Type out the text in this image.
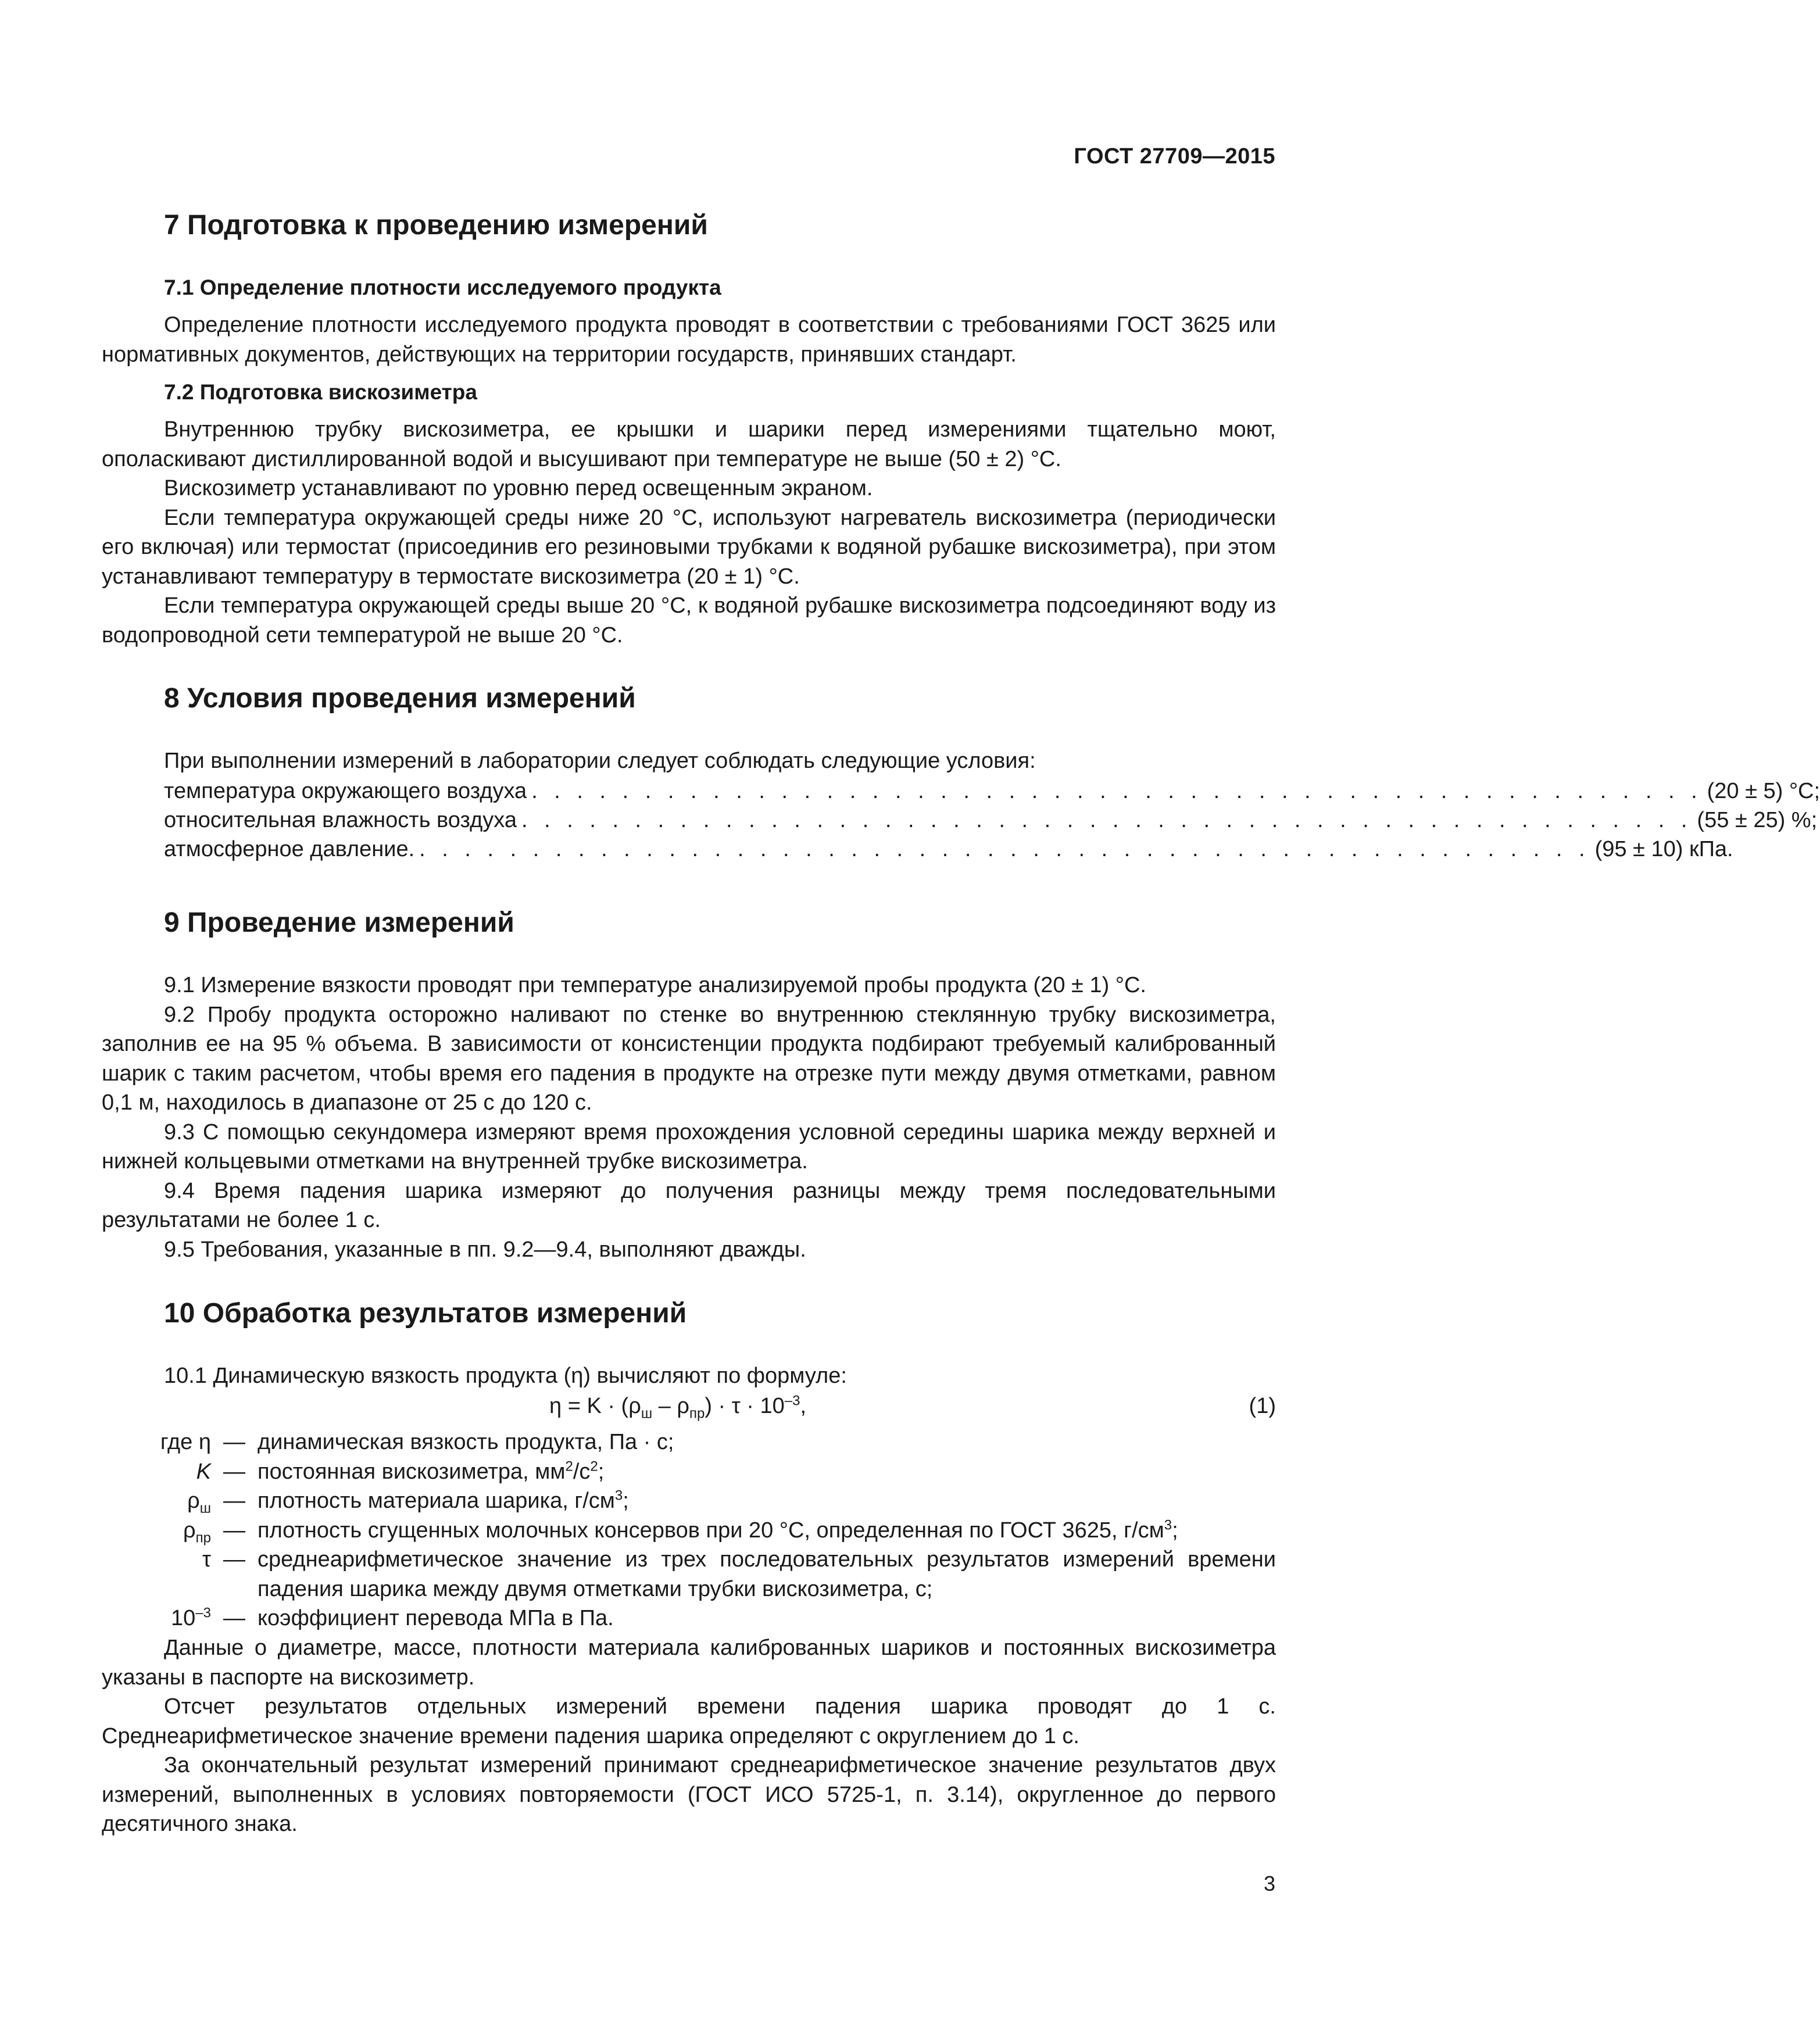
ГОСТ 27709—2015
7 Подготовка к проведению измерений
7.1 Определение плотности исследуемого продукта

Определение плотности исследуемого продукта проводят в соответствии с требованиями ГОСТ 3625 или нормативных документов, действующих на территории государств, принявших стандарт.

7.2 Подготовка вискозиметра

Внутреннюю трубку вискозиметра, ее крышки и шарики перед измерениями тщательно моют, ополаскивают дистиллированной водой и высушивают при температуре не выше (50 ± 2) °С.

Вискозиметр устанавливают по уровню перед освещенным экраном.

Если температура окружающей среды ниже 20 °С, используют нагреватель вискозиметра (периодически его включая) или термостат (присоединив его резиновыми трубками к водяной рубашке вискозиметра), при этом устанавливают температуру в термостате вискозиметра (20 ± 1) °С.

Если температура окружающей среды выше 20 °С, к водяной рубашке вискозиметра подсоединяют воду из водопроводной сети температурой не выше 20 °С.

8 Условия проведения измерений
При выполнении измерений в лаборатории следует соблюдать следующие условия:
температура окружающего воздуха . . . . . . . . . . . . . . . . . . . . . . . . . . . . . . . . . . . . . . . . . . . . . . . . . . . . (20 ± 5) °С;
относительная влажность воздуха . . . . . . . . . . . . . . . . . . . . . . . . . . . . . . . . . . . . . . . . . . . . . . . . . . . . (55 ± 25) %;
атмосферное давление. . . . . . . . . . . . . . . . . . . . . . . . . . . . . . . . . . . . . . . . . . . . . . . . . . . . . (95 ± 10) кПа.
9 Проведение измерений

9.1 Измерение вязкости проводят при температуре анализируемой пробы продукта (20 ± 1) °С.

9.2 Пробу продукта осторожно наливают по стенке во внутреннюю стеклянную трубку вискозиметра, заполнив ее на 95 % объема. В зависимости от консистенции продукта подбирают требуемый калиброванный шарик с таким расчетом, чтобы время его падения в продукте на отрезке пути между двумя отметками, равном 0,1 м, находилось в диапазоне от 25 с до 120 с.

9.3 С помощью секундомера измеряют время прохождения условной середины шарика между верхней и нижней кольцевыми отметками на внутренней трубке вискозиметра.

9.4 Время падения шарика измеряют до получения разницы между тремя последовательными результатами не более 1 с.

9.5 Требования, указанные в пп. 9.2—9.4, выполняют дважды.

10 Обработка результатов измерений
10.1 Динамическую вязкость продукта (η) вычисляют по формуле:
$\eta = K \cdot (\rho_ш - \rho_{пр}) \cdot \tau \cdot 10^{-3}$,	(1)
где η — динамическая вязкость продукта, Па · с;
K — постоянная вискозиметра, $мм^2/с^2$;
$\rho_ш$ — плотность материала шарика, $г/см^3$;
$\rho_{пр}$ — плотность сгущенных молочных консервов при 20 °С, определенная по ГОСТ 3625, $г/см^3$;
τ — среднеарифметическое значение из трех последовательных результатов измерений времени падения шарика между двумя отметками трубки вискозиметра, с;
$10^{-3}$ — коэффициент перевода МПа в Па.

Данные о диаметре, массе, плотности материала калиброванных шариков и постоянных вискозиметра указаны в паспорте на вискозиметр.

Отсчет результатов отдельных измерений времени падения шарика проводят до 1 с. Среднеарифметическое значение времени падения шарика определяют с округлением до 1 с.

За окончательный результат измерений принимают среднеарифметическое значение результатов двух измерений, выполненных в условиях повторяемости (ГОСТ ИСО 5725-1, п. 3.14), округленное до первого десятичного знака.

3
